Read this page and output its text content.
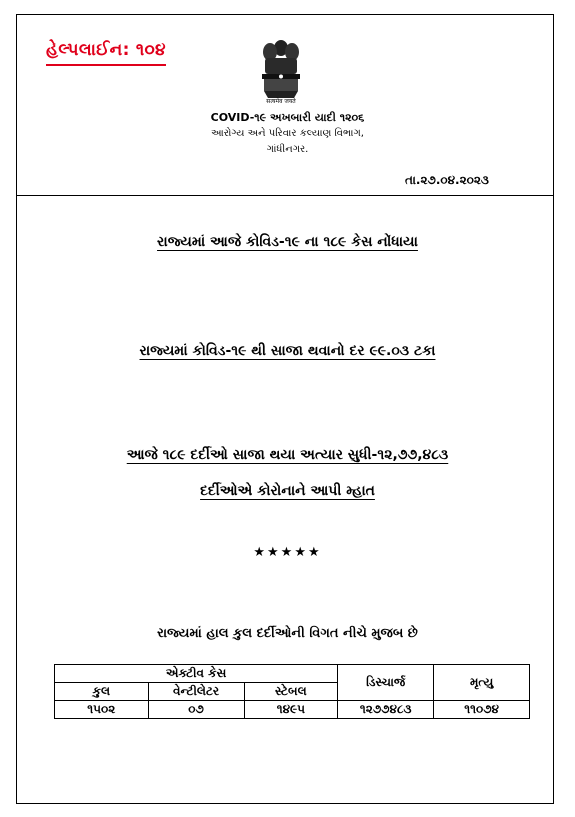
હેલ્પલાઈન: ૧૦૪
सत्यमेव जयते
COVID-૧૯ અખબારી યાદી ૧૨૦૬
આરોગ્ય અને પરિવાર કલ્યાણ વિભાગ,
ગાંધીનગર.
તા.૨૭.૦૪.૨૦૨૩
રાજ્યમાં આજે કોવિડ-૧૯ ના ૧૮૯ કેસ નોંધાયા
રાજ્યમાં કોવિડ-૧૯ થી સાજા થવાનો દર ૯૯.૦૩ ટકા
આજે ૧૮૯ દર્દીઓ સાજા થયા અત્યાર સુધી-૧૨,૭૭,૪૮૩
દર્દીઓએ કોરોનાને આપી મ્હાત
★★★★★
રાજ્યમાં હાલ કુલ દર્દીઓની વિગત નીચે મુજબ છે
એક્ટીવ કેસ			ડિસ્ચાર્જ	મૃત્યુ
કુલ	વેન્ટીલેટર	સ્ટેબલ		
૧૫૦૨	૦૭	૧૪૯૫	૧૨૭૭૪૮૩	૧૧૦૭૪
